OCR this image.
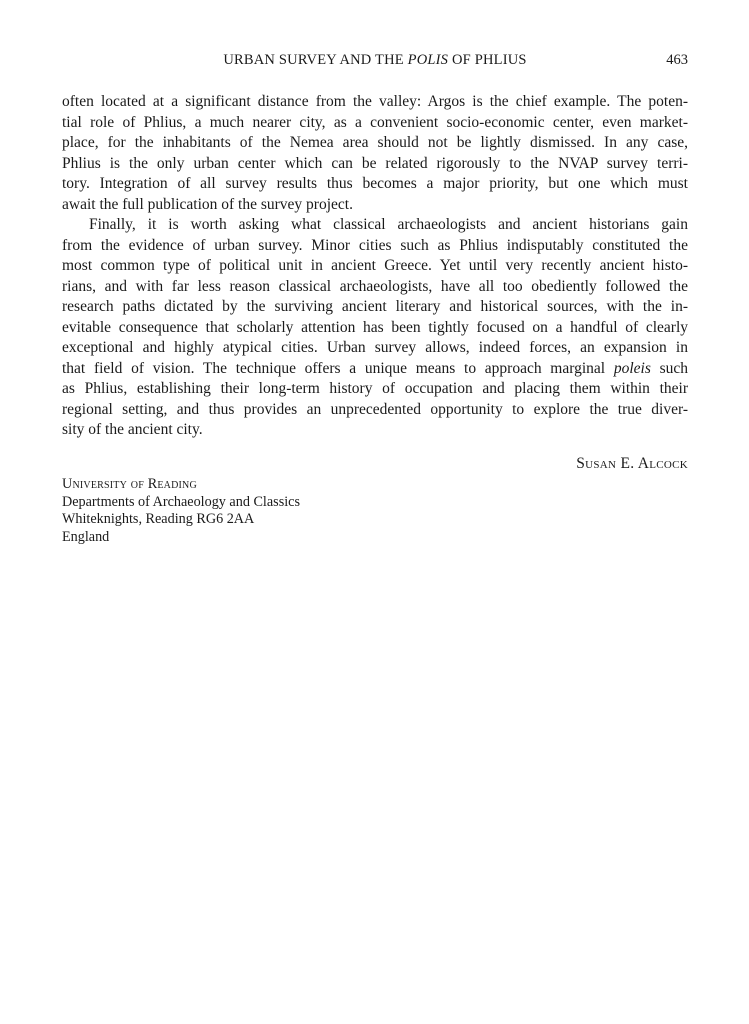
URBAN SURVEY AND THE POLIS OF PHLIUS	463
often located at a significant distance from the valley: Argos is the chief example. The poten-
tial role of Phlius, a much nearer city, as a convenient socio-economic center, even market-
place, for the inhabitants of the Nemea area should not be lightly dismissed. In any case,
Phlius is the only urban center which can be related rigorously to the NVAP survey terri-
tory. Integration of all survey results thus becomes a major priority, but one which must
await the full publication of the survey project.
Finally, it is worth asking what classical archaeologists and ancient historians gain
from the evidence of urban survey. Minor cities such as Phlius indisputably constituted the
most common type of political unit in ancient Greece. Yet until very recently ancient histo-
rians, and with far less reason classical archaeologists, have all too obediently followed the
research paths dictated by the surviving ancient literary and historical sources, with the in-
evitable consequence that scholarly attention has been tightly focused on a handful of clearly
exceptional and highly atypical cities. Urban survey allows, indeed forces, an expansion in
that field of vision. The technique offers a unique means to approach marginal poleis such
as Phlius, establishing their long-term history of occupation and placing them within their
regional setting, and thus provides an unprecedented opportunity to explore the true diver-
sity of the ancient city.
Susan E. Alcock
University of Reading
Departments of Archaeology and Classics
Whiteknights, Reading RG6 2AA
England
